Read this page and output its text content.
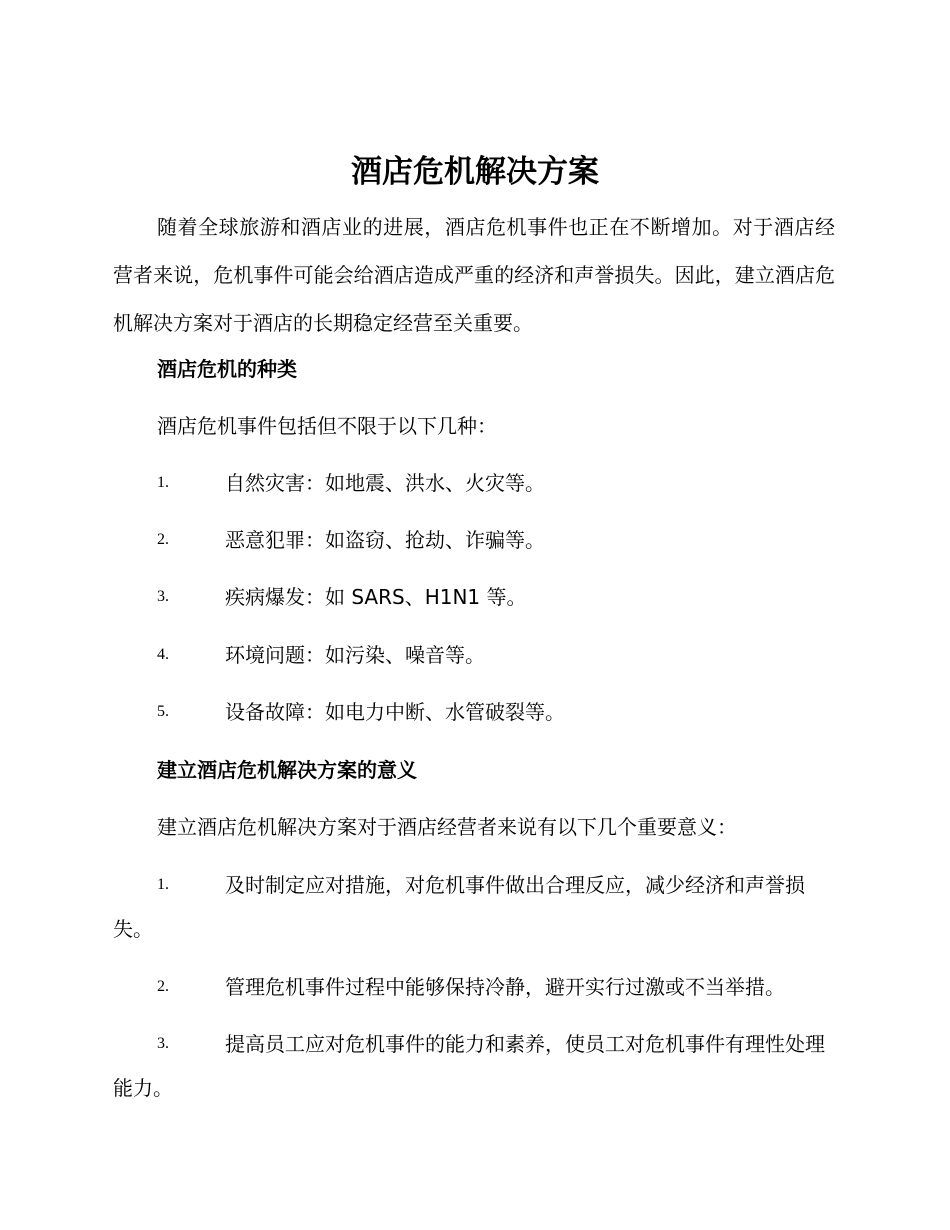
酒店危机解决方案

随着全球旅游和酒店业的进展，酒店危机事件也正在不断增加。对于酒店经营者来说，危机事件可能会给酒店造成严重的经济和声誉损失。因此，建立酒店危机解决方案对于酒店的长期稳定经营至关重要。

酒店危机的种类

酒店危机事件包括但不限于以下几种：

1.	自然灾害：如地震、洪水、火灾等。
2.	恶意犯罪：如盗窃、抢劫、诈骗等。
3.	疾病爆发：如 SARS、H1N1 等。
4.	环境问题：如污染、噪音等。
5.	设备故障：如电力中断、水管破裂等。

建立酒店危机解决方案的意义

建立酒店危机解决方案对于酒店经营者来说有以下几个重要意义：

1.	及时制定应对措施，对危机事件做出合理反应，减少经济和声誉损失。
2.	管理危机事件过程中能够保持冷静，避开实行过激或不当举措。
3.	提高员工应对危机事件的能力和素养，使员工对危机事件有理性处理能力。
